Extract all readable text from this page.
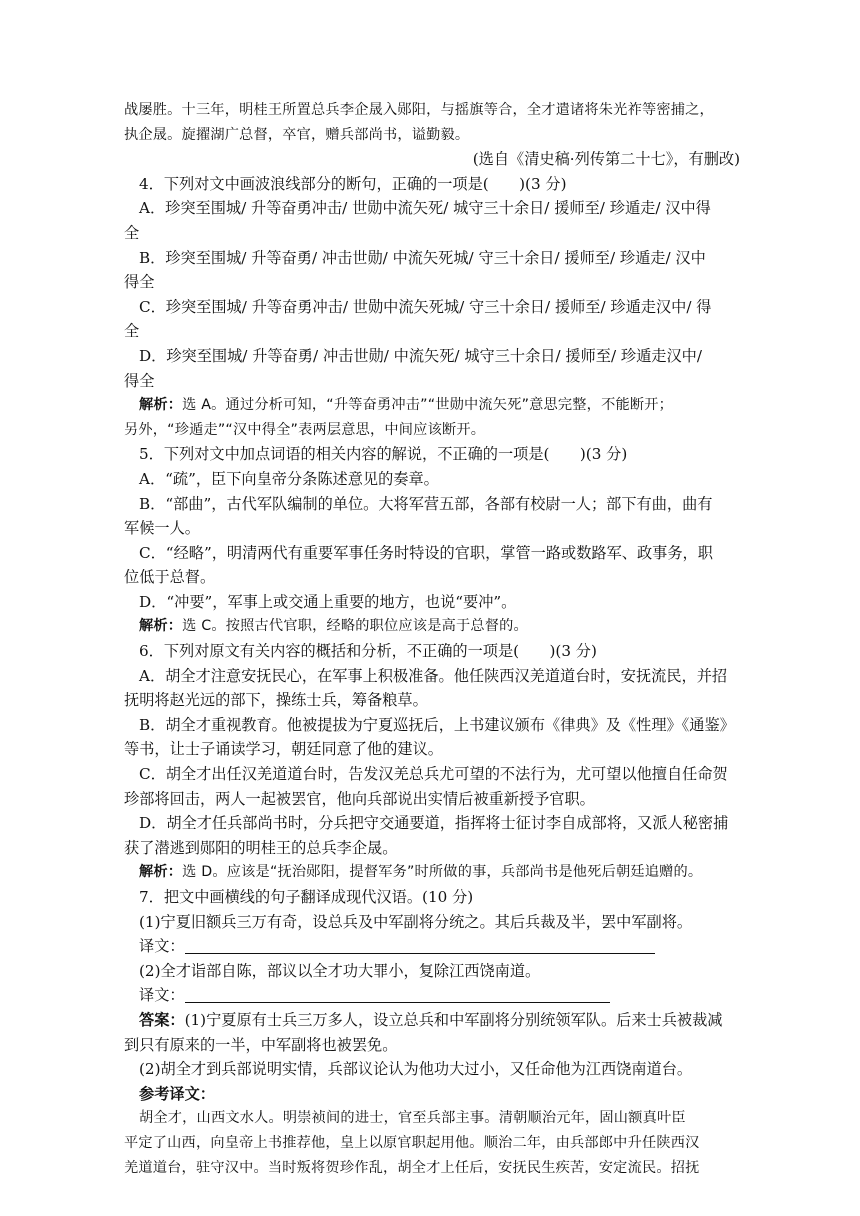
战屡胜。十三年，明桂王所置总兵李企晟入郧阳，与摇旗等合，全才遣诸将朱光祚等密捕之，
执企晟。旋擢湖广总督，卒官，赠兵部尚书，谥勤毅。
(选自《清史稿·列传第二十七》，有删改)
4．下列对文中画波浪线部分的断句，正确的一项是(　　)(3 分)
A．珍突至围城/ 升等奋勇冲击/ 世勋中流矢死/ 城守三十余日/ 援师至/ 珍遁走/ 汉中得
全
B．珍突至围城/ 升等奋勇/ 冲击世勋/ 中流矢死城/ 守三十余日/ 援师至/ 珍遁走/ 汉中
得全
C．珍突至围城/ 升等奋勇冲击/ 世勋中流矢死城/ 守三十余日/ 援师至/ 珍遁走汉中/ 得
全
D．珍突至围城/ 升等奋勇/ 冲击世勋/ 中流矢死/ 城守三十余日/ 援师至/ 珍遁走汉中/
得全
解析：选 A。通过分析可知，“升等奋勇冲击”“世勋中流矢死”意思完整，不能断开；
另外，“珍遁走”“汉中得全”表两层意思，中间应该断开。
5．下列对文中加点词语的相关内容的解说，不正确的一项是(　　)(3 分)
A．“疏”，臣下向皇帝分条陈述意见的奏章。
B．“部曲”，古代军队编制的单位。大将军营五部，各部有校尉一人；部下有曲，曲有
军候一人。
C．“经略”，明清两代有重要军事任务时特设的官职，掌管一路或数路军、政事务，职
位低于总督。
D．“冲要”，军事上或交通上重要的地方，也说“要冲”。
解析：选 C。按照古代官职，经略的职位应该是高于总督的。
6．下列对原文有关内容的概括和分析，不正确的一项是(　　)(3 分)
A．胡全才注意安抚民心，在军事上积极准备。他任陕西汉羌道道台时，安抚流民，并招
抚明将赵光远的部下，操练士兵，筹备粮草。
B．胡全才重视教育。他被提拔为宁夏巡抚后，上书建议颁布《律典》及《性理》《通鉴》
等书，让士子诵读学习，朝廷同意了他的建议。
C．胡全才出任汉羌道道台时，告发汉羌总兵尤可望的不法行为，尤可望以他擅自任命贺
珍部将回击，两人一起被罢官，他向兵部说出实情后被重新授予官职。
D．胡全才任兵部尚书时，分兵把守交通要道，指挥将士征讨李自成部将，又派人秘密捕
获了潜逃到郧阳的明桂王的总兵李企晟。
解析：选 D。应该是“抚治郧阳，提督军务”时所做的事，兵部尚书是他死后朝廷追赠的。
7．把文中画横线的句子翻译成现代汉语。(10 分)
(1)宁夏旧额兵三万有奇，设总兵及中军副将分统之。其后兵裁及半，罢中军副将。
译文：
(2)全才诣部自陈，部议以全才功大罪小，复除江西饶南道。
译文：
答案：(1)宁夏原有士兵三万多人，设立总兵和中军副将分别统领军队。后来士兵被裁减
到只有原来的一半，中军副将也被罢免。
(2)胡全才到兵部说明实情，兵部议论认为他功大过小，又任命他为江西饶南道台。
参考译文：
胡全才，山西文水人。明崇祯间的进士，官至兵部主事。清朝顺治元年，固山额真叶臣
平定了山西，向皇帝上书推荐他，皇上以原官职起用他。顺治二年，由兵部郎中升任陕西汉
羌道道台，驻守汉中。当时叛将贺珍作乱，胡全才上任后，安抚民生疾苦，安定流民。招抚
